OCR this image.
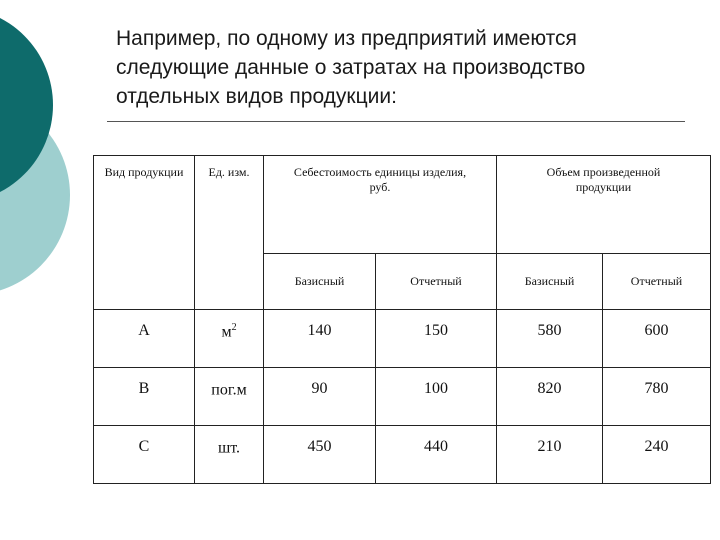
Например, по одному из предприятий имеются
следующие данные о затратах на производство
отдельных видов продукции:
Вид продукции	Ед. изм.	Себестоимость единицы изделия, руб.		Объем произведенной продукции	
		Базисный	Отчетный	Базисный	Отчетный
А	$м^2$	140	150	580	600
В	пог.м	90	100	820	780
С	шт.	450	440	210	240
